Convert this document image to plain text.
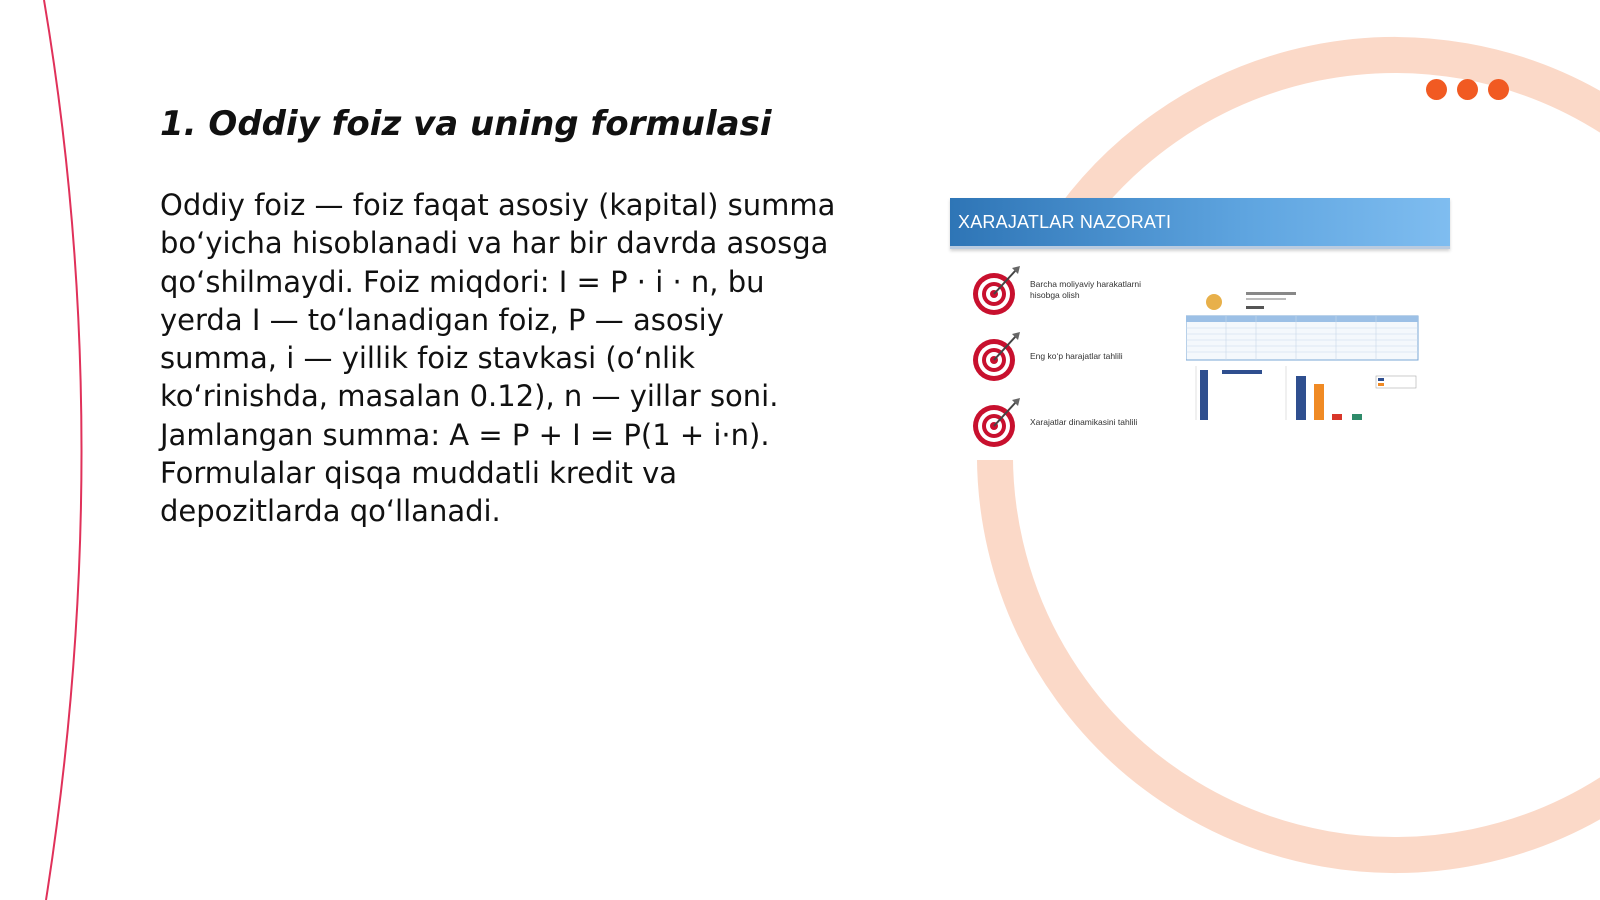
1. Oddiy foiz va uning formulasi

Oddiy foiz — foiz faqat asosiy (kapital) summa bo‘yicha hisoblanadi va har bir davrda asosga qo‘shilmaydi. Foiz miqdori: I = P · i · n, bu yerda I — to‘lanadigan foiz, P — asosiy summa, i — yillik foiz stavkasi (o‘nlik ko‘rinishda, masalan 0.12), n — yillar soni. Jamlangan summa: A = P + I = P(1 + i·n). Formulalar qisqa muddatli kredit va depozitlarda qo‘llanadi.

XARAJATLAR NAZORATI
Barcha moliyaviy harakatlarni hisobga olish
Eng ko‘p harajatlar tahlili
Xarajatlar dinamikasini tahlili
